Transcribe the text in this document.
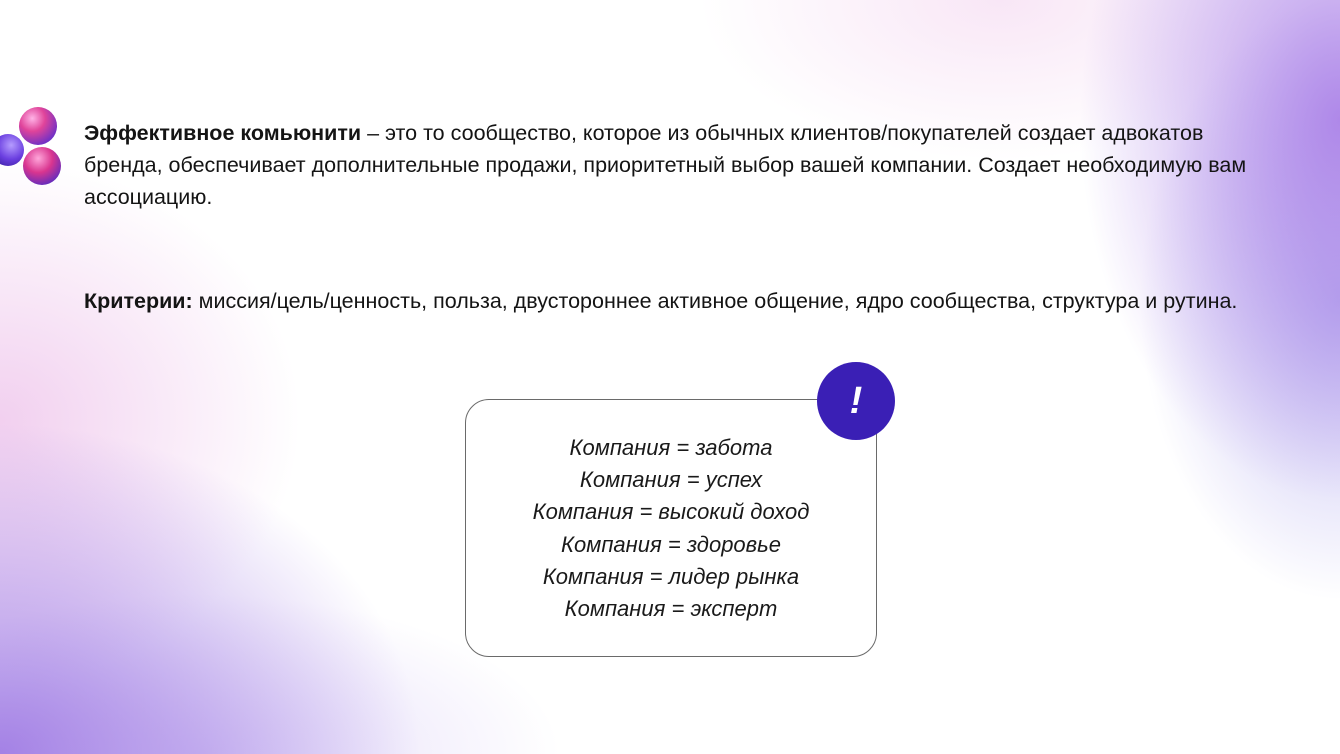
Эффективное комьюнити – это то сообщество, которое из обычных клиентов/покупателей создает адвокатов бренда, обеспечивает дополнительные продажи, приоритетный выбор вашей компании. Создает необходимую вам ассоциацию.

Критерии: миссия/цель/ценность, польза, двустороннее активное общение, ядро сообщества, структура и рутина.

Компания = забота
Компания = успех
Компания = высокий доход
Компания = здоровье
Компания = лидер рынка
Компания = эксперт
!
